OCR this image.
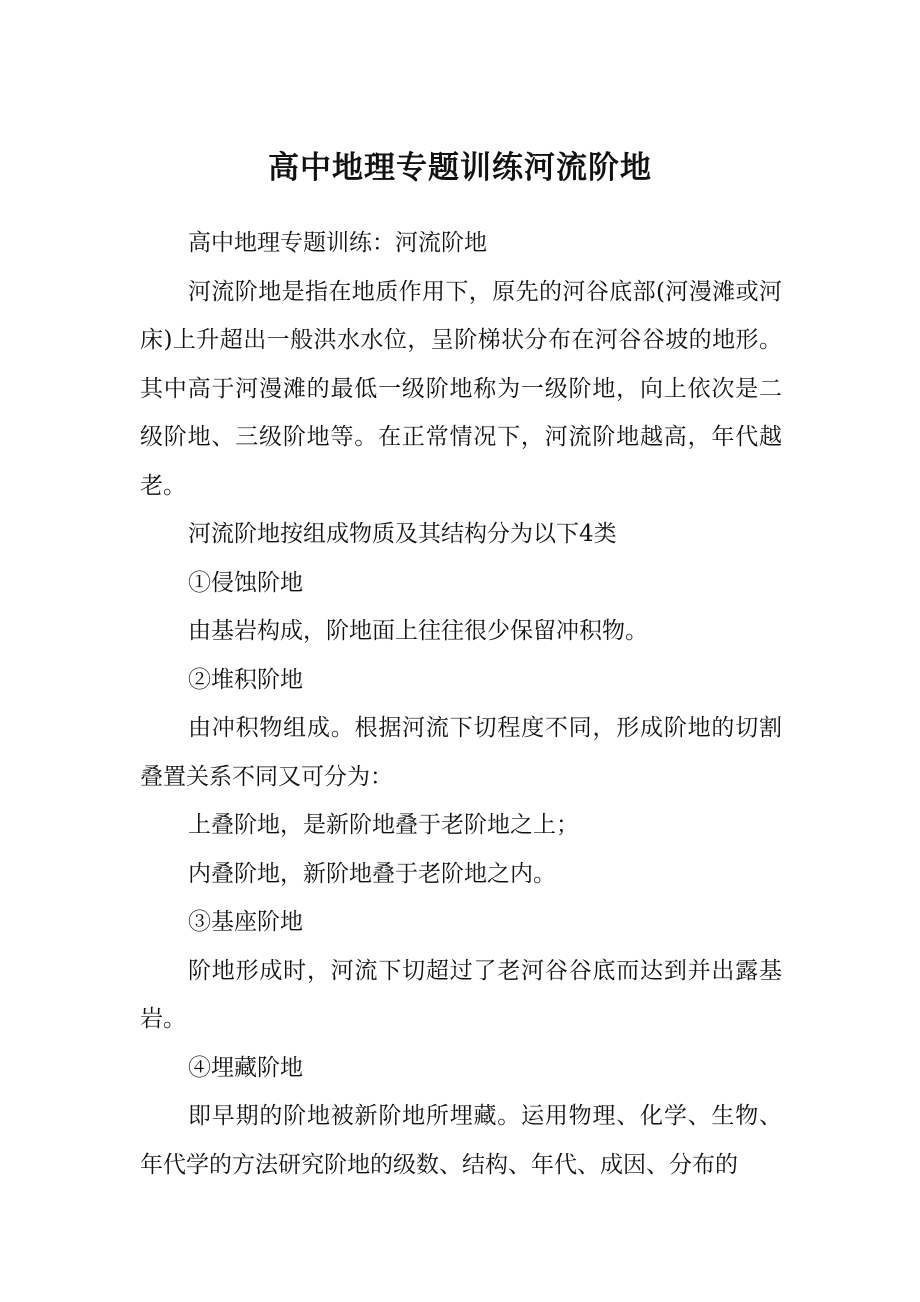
高中地理专题训练河流阶地

高中地理专题训练：河流阶地

河流阶地是指在地质作用下，原先的河谷底部(河漫滩或河床)上升超出一般洪水水位，呈阶梯状分布在河谷谷坡的地形。其中高于河漫滩的最低一级阶地称为一级阶地，向上依次是二级阶地、三级阶地等。在正常情况下，河流阶地越高，年代越老。

河流阶地按组成物质及其结构分为以下4类

①侵蚀阶地

由基岩构成，阶地面上往往很少保留冲积物。

②堆积阶地

由冲积物组成。根据河流下切程度不同，形成阶地的切割叠置关系不同又可分为：

上叠阶地，是新阶地叠于老阶地之上；

内叠阶地，新阶地叠于老阶地之内。

③基座阶地

阶地形成时，河流下切超过了老河谷谷底而达到并出露基岩。

④埋藏阶地

即早期的阶地被新阶地所埋藏。运用物理、化学、生物、年代学的方法研究阶地的级数、结构、年代、成因、分布的
